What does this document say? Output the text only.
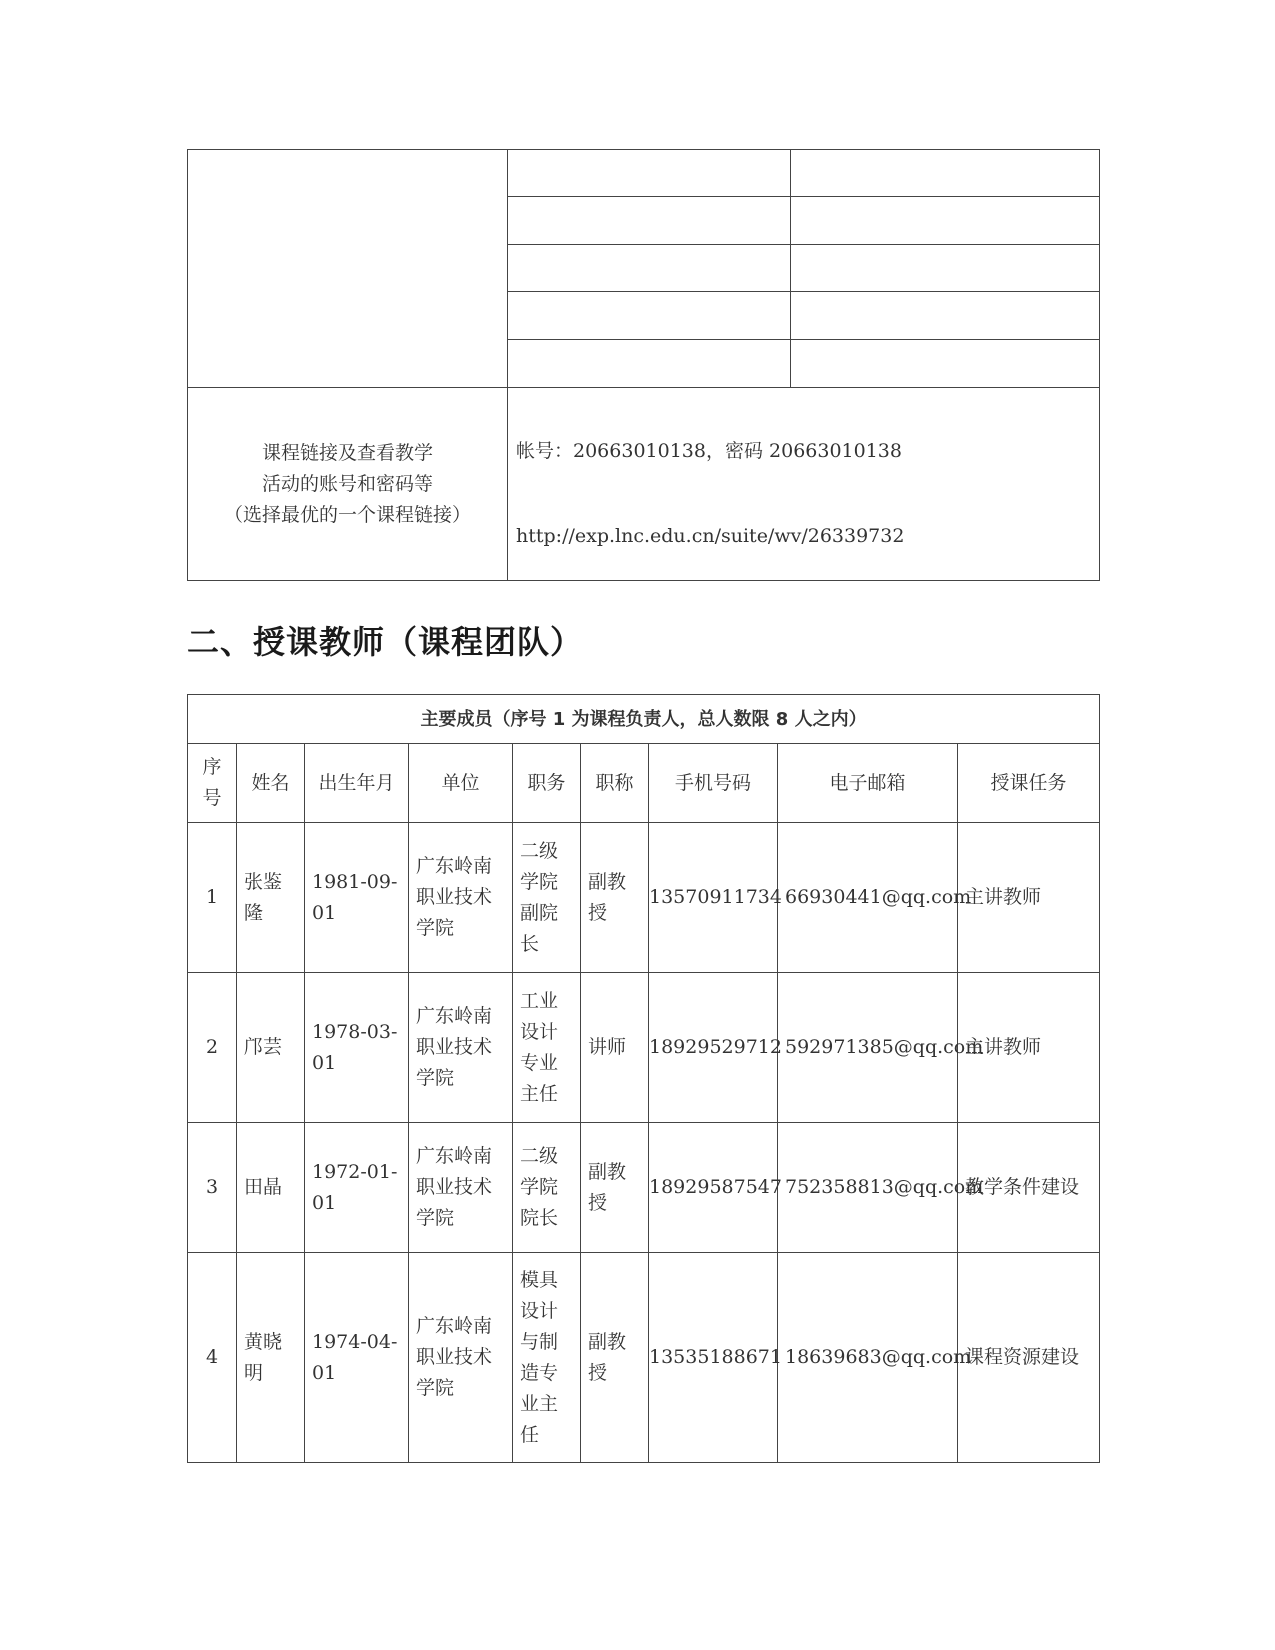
课程链接及查看教学
活动的账号和密码等
（选择最优的一个课程链接）	帐号：20663010138，密码 20663010138
http://exp.lnc.edu.cn/suite/wv/26339732	
二、授课教师（课程团队）
主要成员（序号 1 为课程负责人，总人数限 8 人之内）								
序号	姓名	出生年月	单位	职务	职称	手机号码	电子邮箱	授课任务
1	张鉴隆	1981-09-01	广东岭南职业技术学院	二级学院副院长	副教授	13570911734	66930441@qq.com	主讲教师
2	邝芸	1978-03-01	广东岭南职业技术学院	工业设计专业主任	讲师	18929529712	592971385@qq.com	主讲教师
3	田晶	1972-01-01	广东岭南职业技术学院	二级学院院长	副教授	18929587547	752358813@qq.com	教学条件建设
4	黄晓明	1974-04-01	广东岭南职业技术学院	模具设计与制造专业主任	副教授	13535188671	18639683@qq.com	课程资源建设
